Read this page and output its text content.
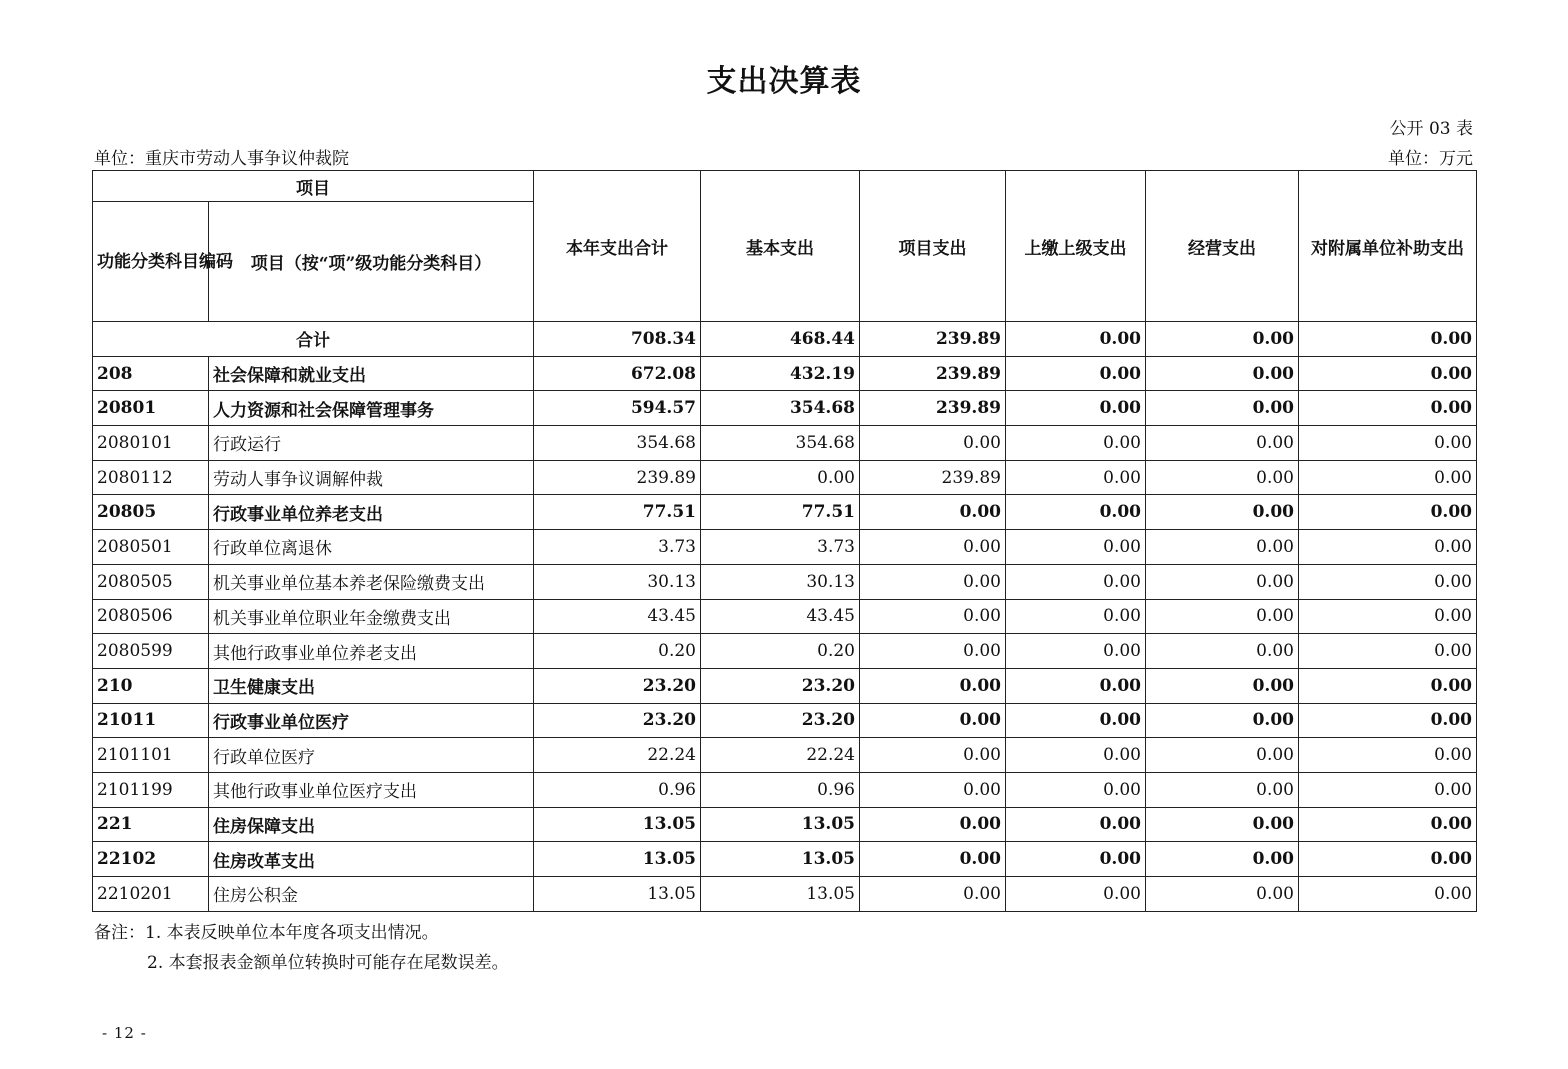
支出决算表
公开 03 表
单位：重庆市劳动人事争议仲裁院	单位：万元
项目		本年支出合计	基本支出	项目支出	上缴上级支出	经营支出	对附属单位补助支出
功能分类科目编码	项目（按“项”级功能分类科目）						
合计		708.34	468.44	239.89	0.00	0.00	0.00
208	社会保障和就业支出	672.08	432.19	239.89	0.00	0.00	0.00
20801	人力资源和社会保障管理事务	594.57	354.68	239.89	0.00	0.00	0.00
2080101	行政运行	354.68	354.68	0.00	0.00	0.00	0.00
2080112	劳动人事争议调解仲裁	239.89	0.00	239.89	0.00	0.00	0.00
20805	行政事业单位养老支出	77.51	77.51	0.00	0.00	0.00	0.00
2080501	行政单位离退休	3.73	3.73	0.00	0.00	0.00	0.00
2080505	机关事业单位基本养老保险缴费支出	30.13	30.13	0.00	0.00	0.00	0.00
2080506	机关事业单位职业年金缴费支出	43.45	43.45	0.00	0.00	0.00	0.00
2080599	其他行政事业单位养老支出	0.20	0.20	0.00	0.00	0.00	0.00
210	卫生健康支出	23.20	23.20	0.00	0.00	0.00	0.00
21011	行政事业单位医疗	23.20	23.20	0.00	0.00	0.00	0.00
2101101	行政单位医疗	22.24	22.24	0.00	0.00	0.00	0.00
2101199	其他行政事业单位医疗支出	0.96	0.96	0.00	0.00	0.00	0.00
221	住房保障支出	13.05	13.05	0.00	0.00	0.00	0.00
22102	住房改革支出	13.05	13.05	0.00	0.00	0.00	0.00
2210201	住房公积金	13.05	13.05	0.00	0.00	0.00	0.00
备注：1. 本表反映单位本年度各项支出情况。
2. 本套报表金额单位转换时可能存在尾数误差。
- 12 -
